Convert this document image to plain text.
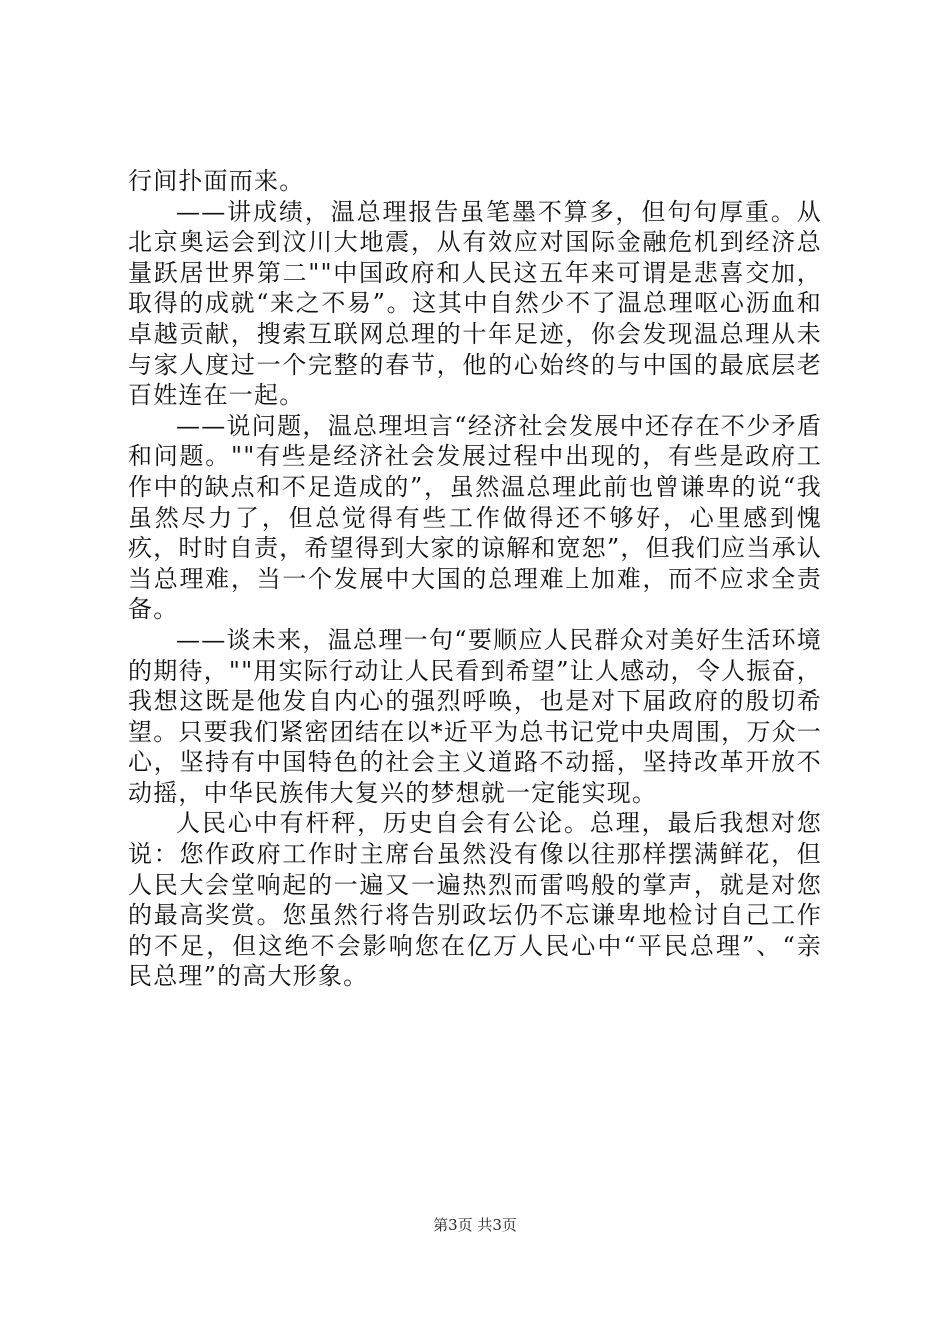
行间扑面而来。

——讲成绩，温总理报告虽笔墨不算多，但句句厚重。从北京奥运会到汶川大地震，从有效应对国际金融危机到经济总量跃居世界第二""中国政府和人民这五年来可谓是悲喜交加，取得的成就“来之不易”。这其中自然少不了温总理呕心沥血和卓越贡献，搜索互联网总理的十年足迹，你会发现温总理从未与家人度过一个完整的春节，他的心始终的与中国的最底层老百姓连在一起。

——说问题，温总理坦言“经济社会发展中还存在不少矛盾和问题。""有些是经济社会发展过程中出现的，有些是政府工作中的缺点和不足造成的”，虽然温总理此前也曾谦卑的说“我虽然尽力了，但总觉得有些工作做得还不够好，心里感到愧疚，时时自责，希望得到大家的谅解和宽恕”，但我们应当承认当总理难，当一个发展中大国的总理难上加难，而不应求全责备。

——谈未来，温总理一句“要顺应人民群众对美好生活环境的期待，""用实际行动让人民看到希望”让人感动，令人振奋，我想这既是他发自内心的强烈呼唤，也是对下届政府的殷切希望。只要我们紧密团结在以*近平为总书记党中央周围，万众一心，坚持有中国特色的社会主义道路不动摇，坚持改革开放不动摇，中华民族伟大复兴的梦想就一定能实现。

人民心中有杆秤，历史自会有公论。总理，最后我想对您说：您作政府工作时主席台虽然没有像以往那样摆满鲜花，但人民大会堂响起的一遍又一遍热烈而雷鸣般的掌声，就是对您的最高奖赏。您虽然行将告别政坛仍不忘谦卑地检讨自己工作的不足，但这绝不会影响您在亿万人民心中“平民总理”、“亲民总理”的高大形象。

第3页 共3页
